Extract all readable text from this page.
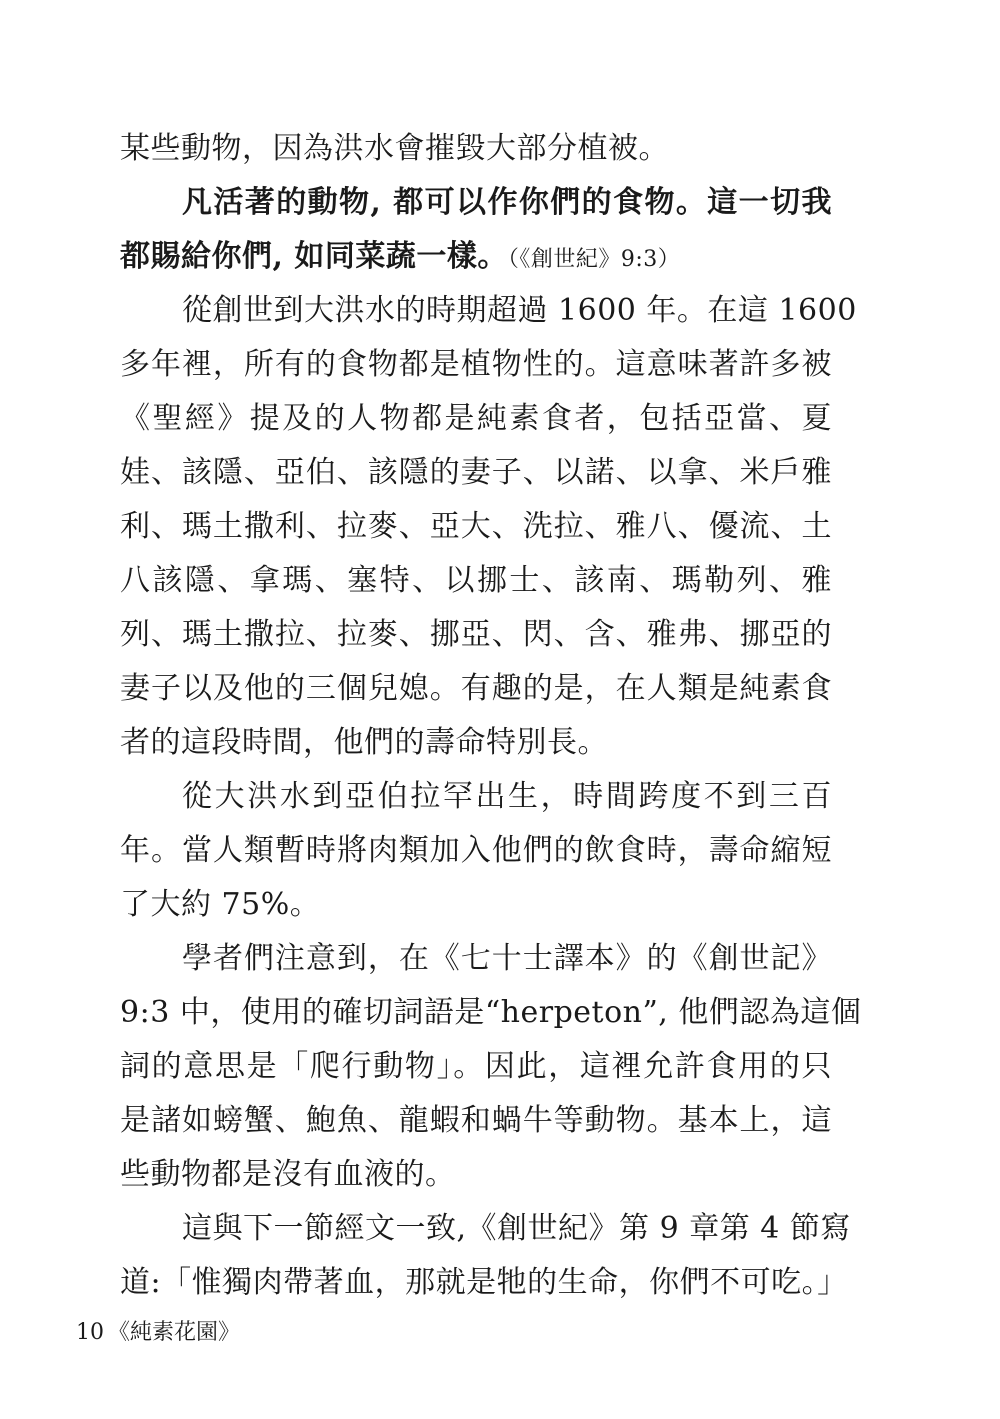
某些動物，因為洪水會摧毀大部分植被。
凡活著的動物, 都可以作你們的食物。這一切我
都賜給你們, 如同菜蔬一樣。（《創世紀》9:3）
從創世到大洪水的時期超過 1600 年。在這 1600
多年裡，所有的食物都是植物性的。這意味著許多被
《聖經》提及的人物都是純素食者，包括亞當、夏
娃、該隱、亞伯、該隱的妻子、以諾、以拿、米戶雅
利、瑪土撒利、拉麥、亞大、洗拉、雅八、優流、土
八該隱、拿瑪、塞特、以挪士、該南、瑪勒列、雅
列、瑪土撒拉、拉麥、挪亞、閃、含、雅弗、挪亞的
妻子以及他的三個兒媳。有趣的是，在人類是純素食
者的這段時間，他們的壽命特別長。
從大洪水到亞伯拉罕出生，時間跨度不到三百
年。當人類暫時將肉類加入他們的飲食時，壽命縮短
了大約 75%。
學者們注意到，在《七十士譯本》的《創世記》
9:3 中，使用的確切詞語是“herpeton”, 他們認為這個
詞的意思是「爬行動物」。因此，這裡允許食用的只
是諸如螃蟹、鮑魚、龍蝦和蝸牛等動物。基本上，這
些動物都是沒有血液的。
這與下一節經文一致,《創世紀》第 9 章第 4 節寫
道:「惟獨肉帶著血，那就是牠的生命，你們不可吃。」
10 《純素花園》
